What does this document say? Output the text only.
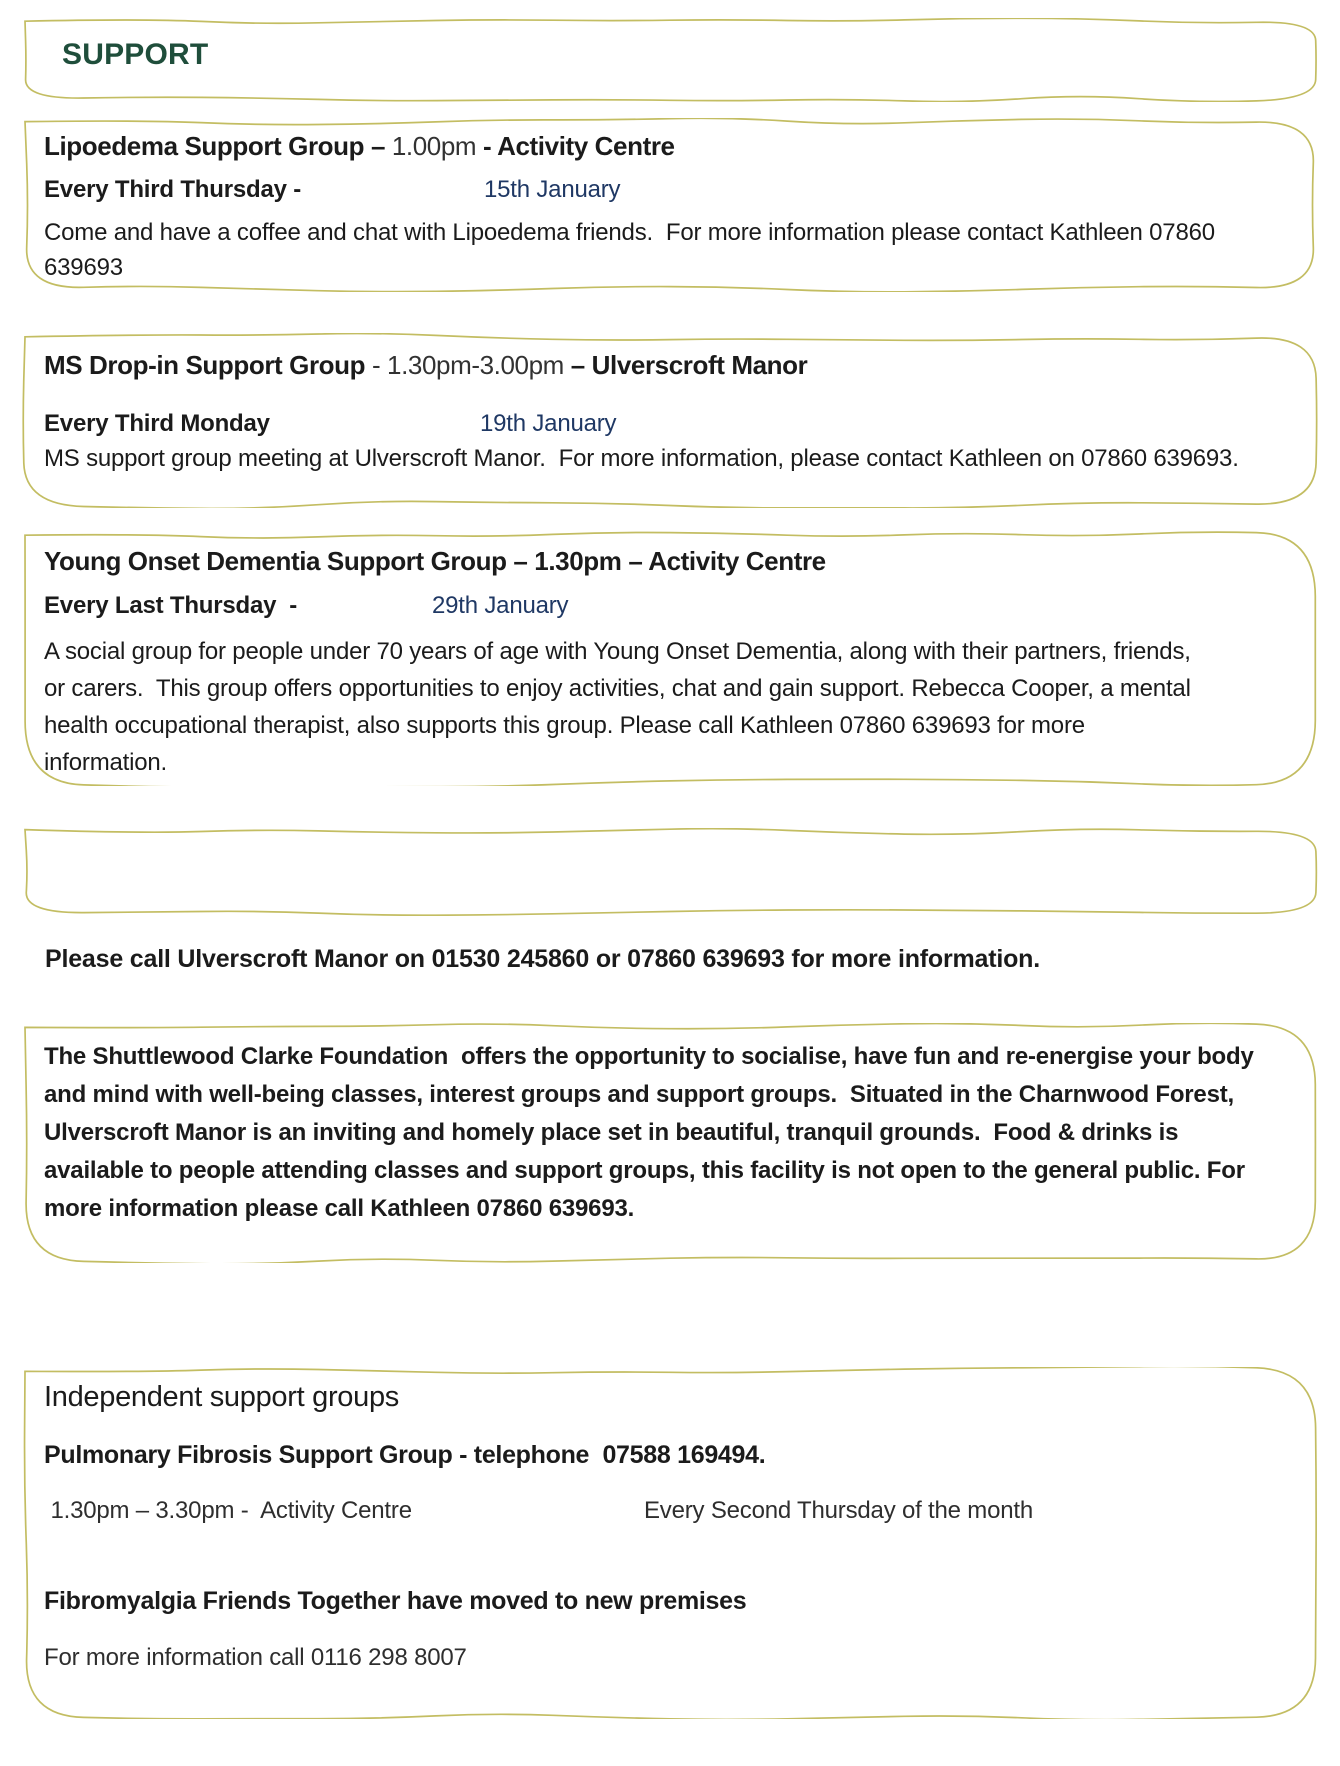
SUPPORT
Lipoedema Support Group – 1.00pm - Activity Centre
Every Third Thursday -	15th January
Come and have a coffee and chat with Lipoedema friends.  For more information please contact Kathleen 07860 639693
MS Drop-in Support Group - 1.30pm-3.00pm – Ulverscroft Manor
Every Third Monday	19th January
MS support group meeting at Ulverscroft Manor.  For more information, please contact Kathleen on 07860 639693.
Young Onset Dementia Support Group – 1.30pm – Activity Centre
Every Last Thursday  -	29th January
A social group for people under 70 years of age with Young Onset Dementia, along with their partners, friends, or carers.  This group offers opportunities to enjoy activities, chat and gain support. Rebecca Cooper, a mental health occupational therapist, also supports this group. Please call Kathleen 07860 639693 for more information.
Please call Ulverscroft Manor on 01530 245860 or 07860 639693 for more information.
The Shuttlewood Clarke Foundation  offers the opportunity to socialise, have fun and re-energise your body and mind with well-being classes, interest groups and support groups.  Situated in the Charnwood Forest, Ulverscroft Manor is an inviting and homely place set in beautiful, tranquil grounds.  Food & drinks is available to people attending classes and support groups, this facility is not open to the general public. For more information please call Kathleen 07860 639693.
Independent support groups
Pulmonary Fibrosis Support Group - telephone  07588 169494.
1.30pm – 3.30pm -  Activity Centre	Every Second Thursday of the month
Fibromyalgia Friends Together have moved to new premises
For more information call 0116 298 8007
